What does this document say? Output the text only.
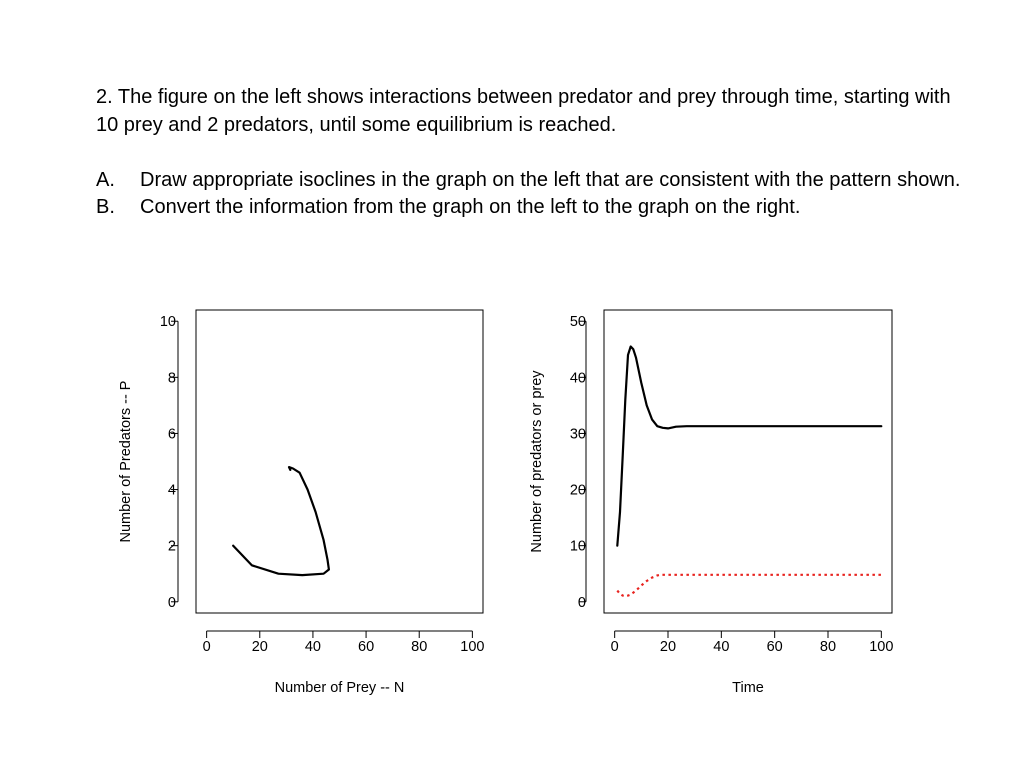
2. The figure on the left shows interactions between predator and prey through time, starting with 10 prey and 2 predators, until some equilibrium is reached.
A. Draw appropriate isoclines in the graph on the left that are consistent with the pattern shown.
B. Convert the information from the graph on the left to the graph on the right.
0	20	40	60	80 100
0
2
4
6
8
10
Number of Prey -- N
Number of Predators -- P
0	20	40	60	80 100
0
10
20
30
40
50
Time
Number of predators or prey
